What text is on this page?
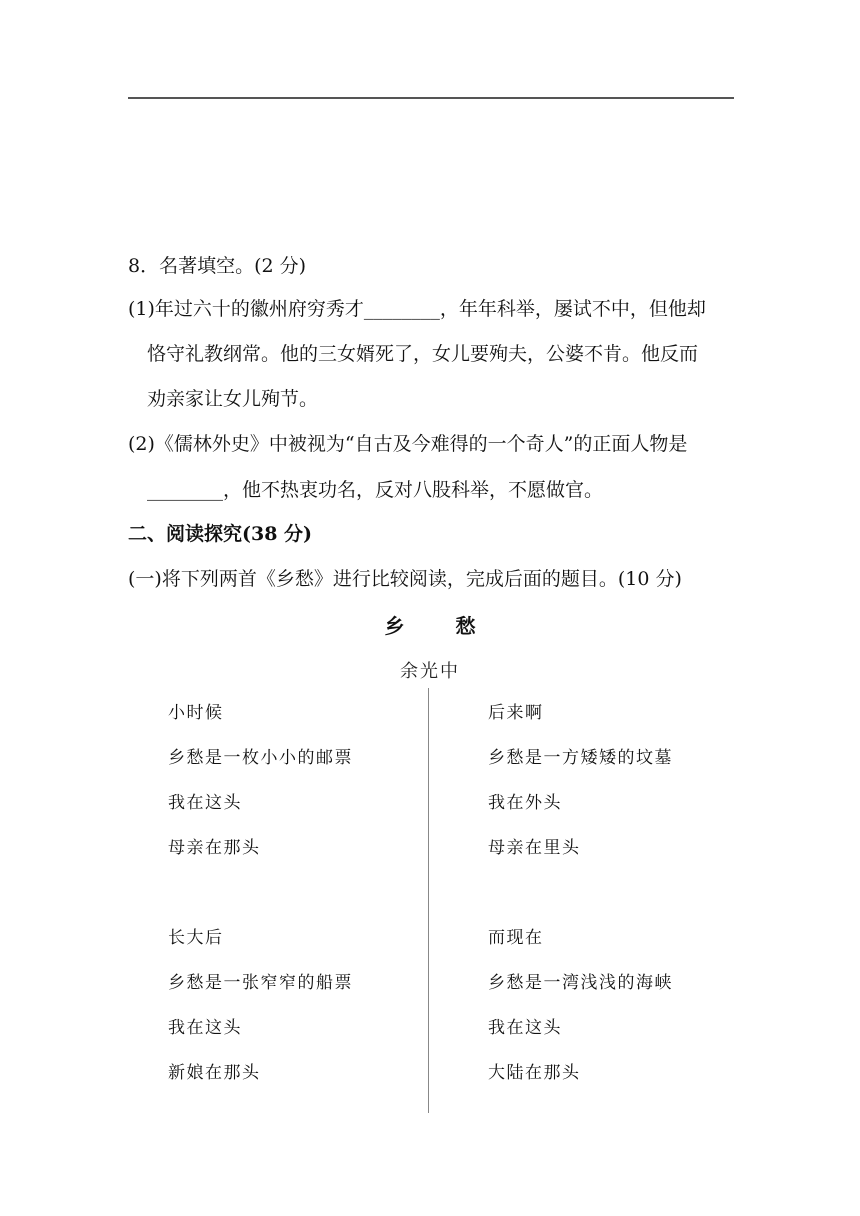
8．名著填空。(2 分)
(1)年过六十的徽州府穷秀才________，年年科举，屡试不中，但他却
恪守礼教纲常。他的三女婿死了，女儿要殉夫，公婆不肯。他反而
劝亲家让女儿殉节。
(2)《儒林外史》中被视为“自古及今难得的一个奇人”的正面人物是
________，他不热衷功名，反对八股科举，不愿做官。
二、阅读探究(38 分)
(一)将下列两首《乡愁》进行比较阅读，完成后面的题目。(10 分)
乡 愁
余光中
小时候
乡愁是一枚小小的邮票
我在这头
母亲在那头
长大后
乡愁是一张窄窄的船票
我在这头
新娘在那头
后来啊
乡愁是一方矮矮的坟墓
我在外头
母亲在里头
而现在
乡愁是一湾浅浅的海峡
我在这头
大陆在那头
